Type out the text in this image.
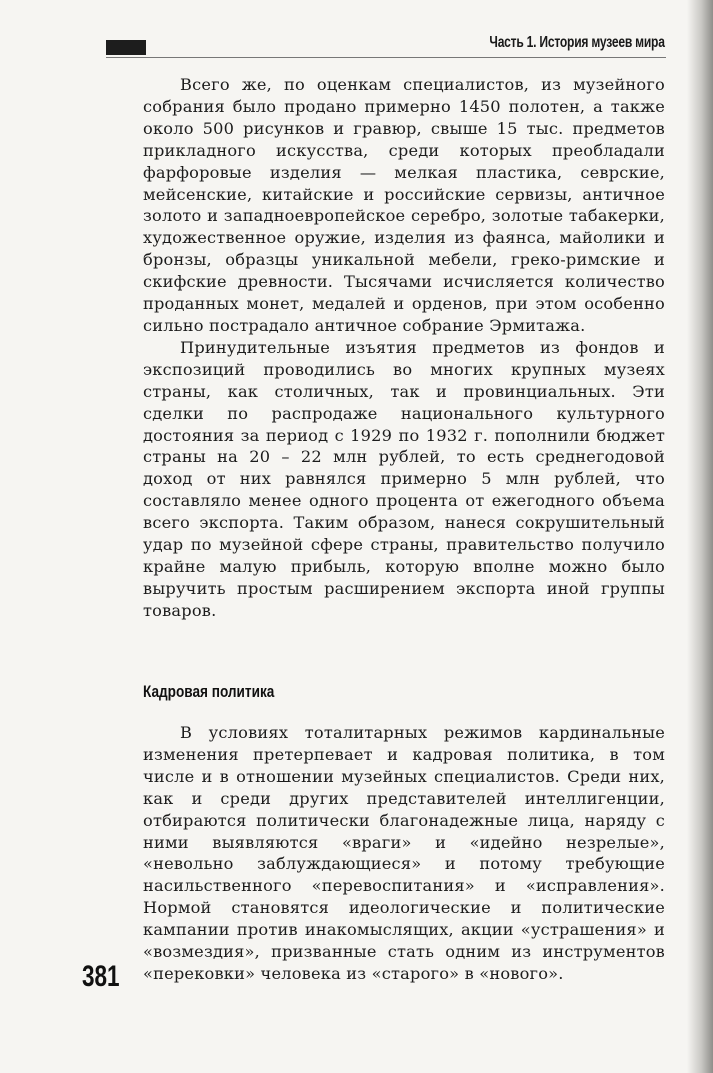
Часть 1. История музеев мира

Всего же, по оценкам специалистов, из музейного собрания было продано примерно 1450 полотен, а также около 500 рисунков и гравюр, свыше 15 тыс. предметов прикладного искусства, среди которых преобладали фарфоровые изделия — мелкая пластика, севрские, мейсенские, китайские и российские сервизы, античное золото и западноевропейское серебро, золотые табакерки, художественное оружие, изделия из фаянса, майолики и бронзы, образцы уникальной мебели, греко-римские и скифские древности. Тысячами исчисляется количество проданных монет, медалей и орденов, при этом особенно сильно пострадало античное собрание Эрмитажа.

Принудительные изъятия предметов из фондов и экспозиций проводились во многих крупных музеях страны, как столичных, так и провинциальных. Эти сделки по распродаже национального культурного достояния за период с 1929 по 1932 г. пополнили бюджет страны на 20 – 22 млн рублей, то есть среднегодовой доход от них равнялся примерно 5 млн рублей, что составляло менее одного процента от ежегодного объема всего экспорта. Таким образом, нанеся сокрушительный удар по музейной сфере страны, правительство получило крайне малую прибыль, которую вполне можно было выручить простым расширением экспорта иной группы товаров.

Кадровая политика

В условиях тоталитарных режимов кардинальные изменения претерпевает и кадровая политика, в том числе и в отношении музейных специалистов. Среди них, как и среди других представителей интеллигенции, отбираются политически благонадежные лица, наряду с ними выявляются «враги» и «идейно незрелые», «невольно заблуждающиеся» и потому требующие насильственного «перевоспитания» и «исправления». Нормой становятся идеологические и политические кампании против инакомыслящих, акции «устрашения» и «возмездия», призванные стать одним из инструментов «перековки» человека из «старого» в «нового».

381
